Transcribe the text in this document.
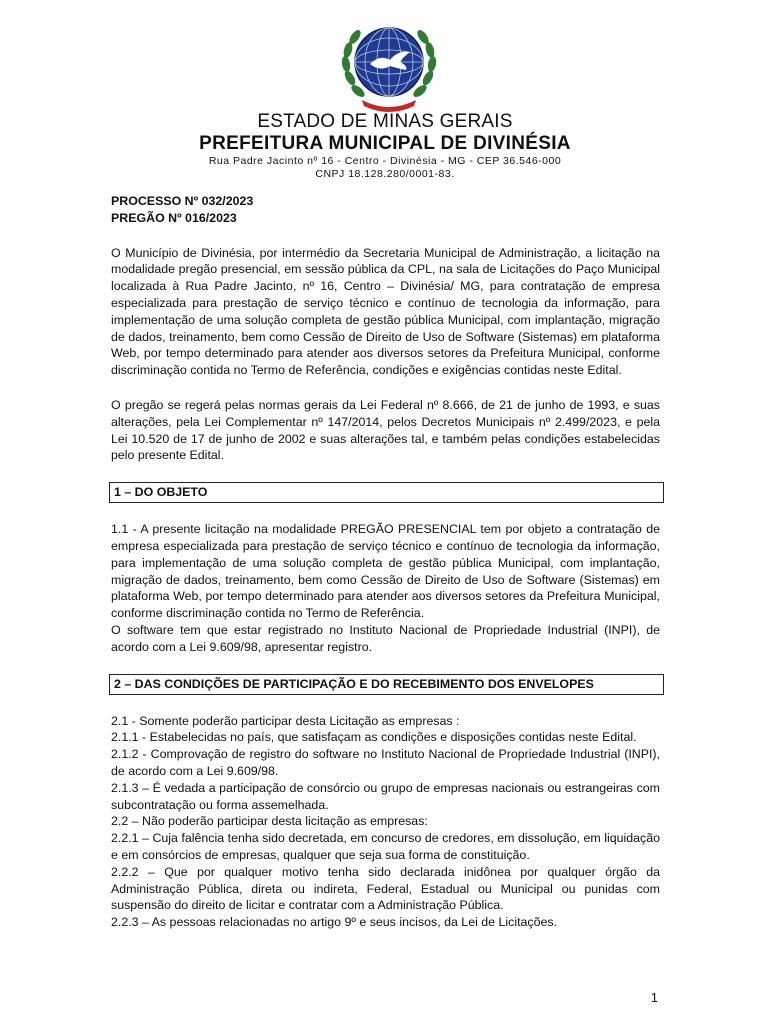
ESTADO DE MINAS GERAIS
PREFEITURA MUNICIPAL DE DIVINÉSIA
Rua Padre Jacinto nº 16 - Centro - Divinésia - MG - CEP 36.546-000
CNPJ 18.128.280/0001-83.

PROCESSO Nº 032/2023

PREGÃO Nº 016/2023

O Município de Divinésia, por intermédio da Secretaria Municipal de Administração, a licitação na modalidade pregão presencial, em sessão pública da CPL, na sala de Licitações do Paço Municipal localizada à Rua Padre Jacinto, nº 16, Centro – Divinésia/ MG, para contratação de empresa especializada para prestação de serviço técnico e contínuo de tecnologia da informação, para implementação de uma solução completa de gestão pública Municipal, com implantação, migração de dados, treinamento, bem como Cessão de Direito de Uso de Software (Sistemas) em plataforma Web, por tempo determinado para atender aos diversos setores da Prefeitura Municipal, conforme discriminação contida no Termo de Referência, condições e exigências contidas neste Edital.

O pregão se regerá pelas normas gerais da Lei Federal nº 8.666, de 21 de junho de 1993, e suas alterações, pela Lei Complementar nº 147/2014, pelos Decretos Municipais nº 2.499/2023, e pela Lei 10.520 de 17 de junho de 2002 e suas alterações tal, e também pelas condições estabelecidas pelo presente Edital.

1 – DO OBJETO

1.1 - A presente licitação na modalidade PREGÃO PRESENCIAL tem por objeto a contratação de empresa especializada para prestação de serviço técnico e contínuo de tecnologia da informação, para implementação de uma solução completa de gestão pública Municipal, com implantação, migração de dados, treinamento, bem como Cessão de Direito de Uso de Software (Sistemas) em plataforma Web, por tempo determinado para atender aos diversos setores da Prefeitura Municipal, conforme discriminação contida no Termo de Referência.

O software tem que estar registrado no Instituto Nacional de Propriedade Industrial (INPI), de acordo com a Lei 9.609/98, apresentar registro.

2 – DAS CONDIÇÕES DE PARTICIPAÇÃO E DO RECEBIMENTO DOS ENVELOPES

2.1 - Somente poderão participar desta Licitação as empresas :

2.1.1 - Estabelecidas no país, que satisfaçam as condições e disposições contidas neste Edital.

2.1.2 - Comprovação de registro do software no Instituto Nacional de Propriedade Industrial (INPI), de acordo com a Lei 9.609/98.

2.1.3 – É vedada a participação de consórcio ou grupo de empresas nacionais ou estrangeiras com subcontratação ou forma assemelhada.

2.2 – Não poderão participar desta licitação as empresas:

2.2.1 – Cuja falência tenha sido decretada, em concurso de credores, em dissolução, em liquidação e em consórcios de empresas, qualquer que seja sua forma de constituição.

2.2.2 – Que por qualquer motivo tenha sido declarada inidônea por qualquer órgão da Administração Pública, direta ou indireta, Federal, Estadual ou Municipal ou punidas com suspensão do direito de licitar e contratar com a Administração Pública.

2.2.3 – As pessoas relacionadas no artigo 9º e seus incisos, da Lei de Licitações.

1
